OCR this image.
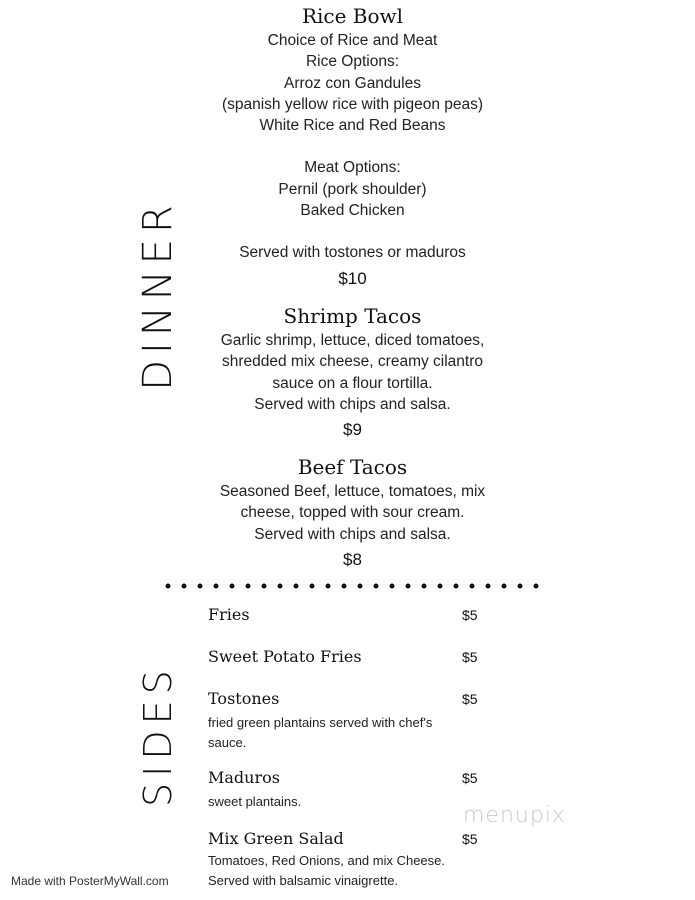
DINNER
SIDES
Rice Bowl
Choice of Rice and Meat
Rice Options:
Arroz con Gandules
(spanish yellow rice with pigeon peas)
White Rice and Red Beans
Meat Options:
Pernil (pork shoulder)
Baked Chicken
Served with tostones or maduros
$10
Shrimp Tacos
Garlic shrimp, lettuce, diced tomatoes,
shredded mix cheese, creamy cilantro
sauce on a flour tortilla.
Served with chips and salsa.
$9
Beef Tacos
Seasoned Beef, lettuce, tomatoes, mix
cheese, topped with sour cream.
Served with chips and salsa.
$8
Fries	$5
Sweet Potato Fries	$5
Tostones	$5
fried green plantains served with chef's sauce.
Maduros	$5
sweet plantains.
Mix Green Salad	$5
Tomatoes, Red Onions, and mix Cheese.
Served with balsamic vinaigrette.
menupix
Made with PosterMyWall.com
